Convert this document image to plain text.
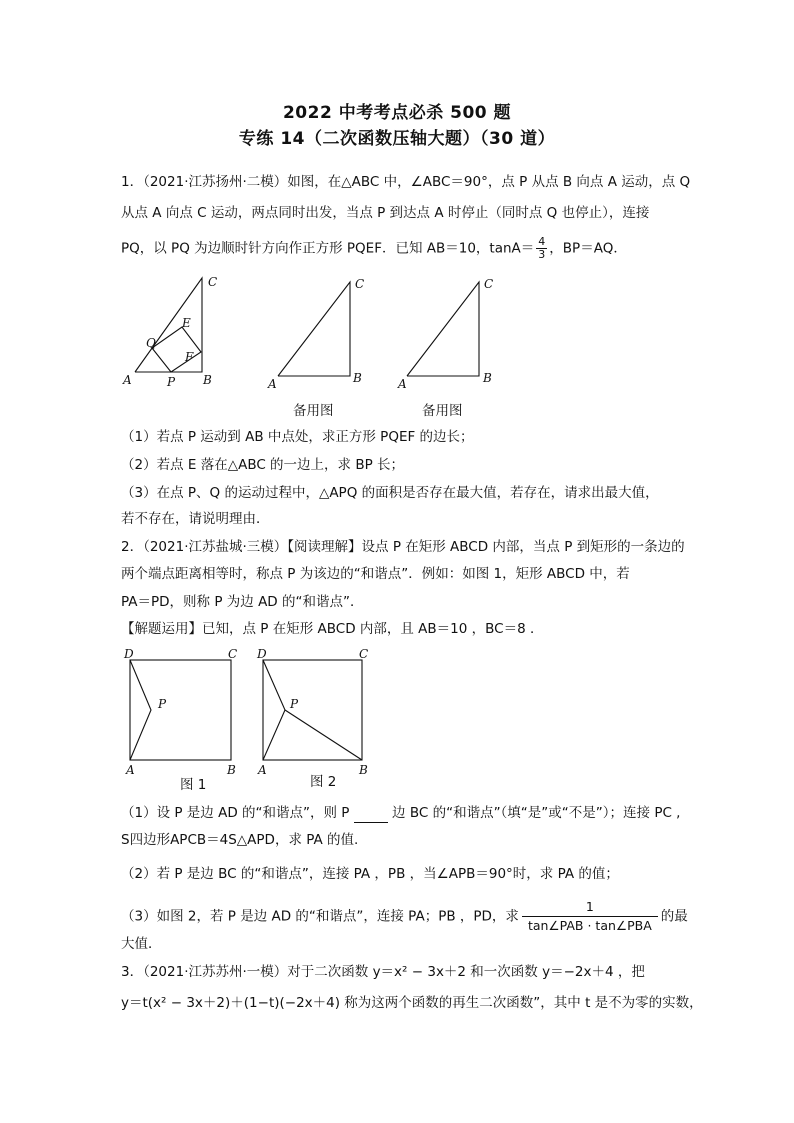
2022 中考考点必杀 500 题
专练 14（二次函数压轴大题）（30 道）
1．（2021·江苏扬州·二模）如图，在△ABC 中，∠ABC＝90°，点 P 从点 B 向点 A 运动，点 Q
从点 A 向点 C 运动，两点同时出发，当点 P 到达点 A 时停止（同时点 Q 也停止），连接
PQ，以 PQ 为边顺时针方向作正方形 PQEF．已知 AB＝10，$\tan A= \frac{4}{3}$ ，BP＝AQ．
A	B
C
P
Q
E
F
A	B
C
A	B
C
备用图	备用图
（1）若点 P 运动到 AB 中点处，求正方形 PQEF 的边长；
（2）若点 E 落在△ABC 的一边上，求 BP 长；
（3）在点 P、Q 的运动过程中，△APQ 的面积是否存在最大值，若存在，请求出最大值，
若不存在，请说明理由．
2．（2021·江苏盐城·三模）【阅读理解】设点 P 在矩形 ABCD 内部，当点 P 到矩形的一条边的
两个端点距离相等时，称点 P 为该边的“和谐点”．例如：如图 1，矩形 ABCD 中，若
PA＝PD，则称 P 为边 AD 的“和谐点”．
【解题运用】已知，点 P 在矩形 ABCD 内部，且 AB＝10 ，BC＝8 ．
D	C
A	B
P
D	C
A	B
P
图 1	图 2
（1）设 P 是边 AD 的“和谐点”，则 P	边 BC 的“和谐点”（填“是”或“不是”）；连接 PC ,
S四边形APCB＝4S△APD，求 PA 的值.
（2）若 P 是边 BC 的“和谐点”，连接 PA ，PB ，当∠APB＝90°时，求 PA 的值；
（3）如图 2，若 P 是边 AD 的“和谐点”，连接 PA；PB ，PD，求 $\frac{1}{\text{tan∠PAB · tan∠PBA}}$ 的最
大值．
3．（2021·江苏苏州·一模）对于二次函数 y＝x² − 3x＋2 和一次函数 y＝−2x＋4 ，把
y＝t(x² − 3x＋2)＋(1−t)(−2x＋4) 称为这两个函数的再生二次函数”，其中 t 是不为零的实数，
